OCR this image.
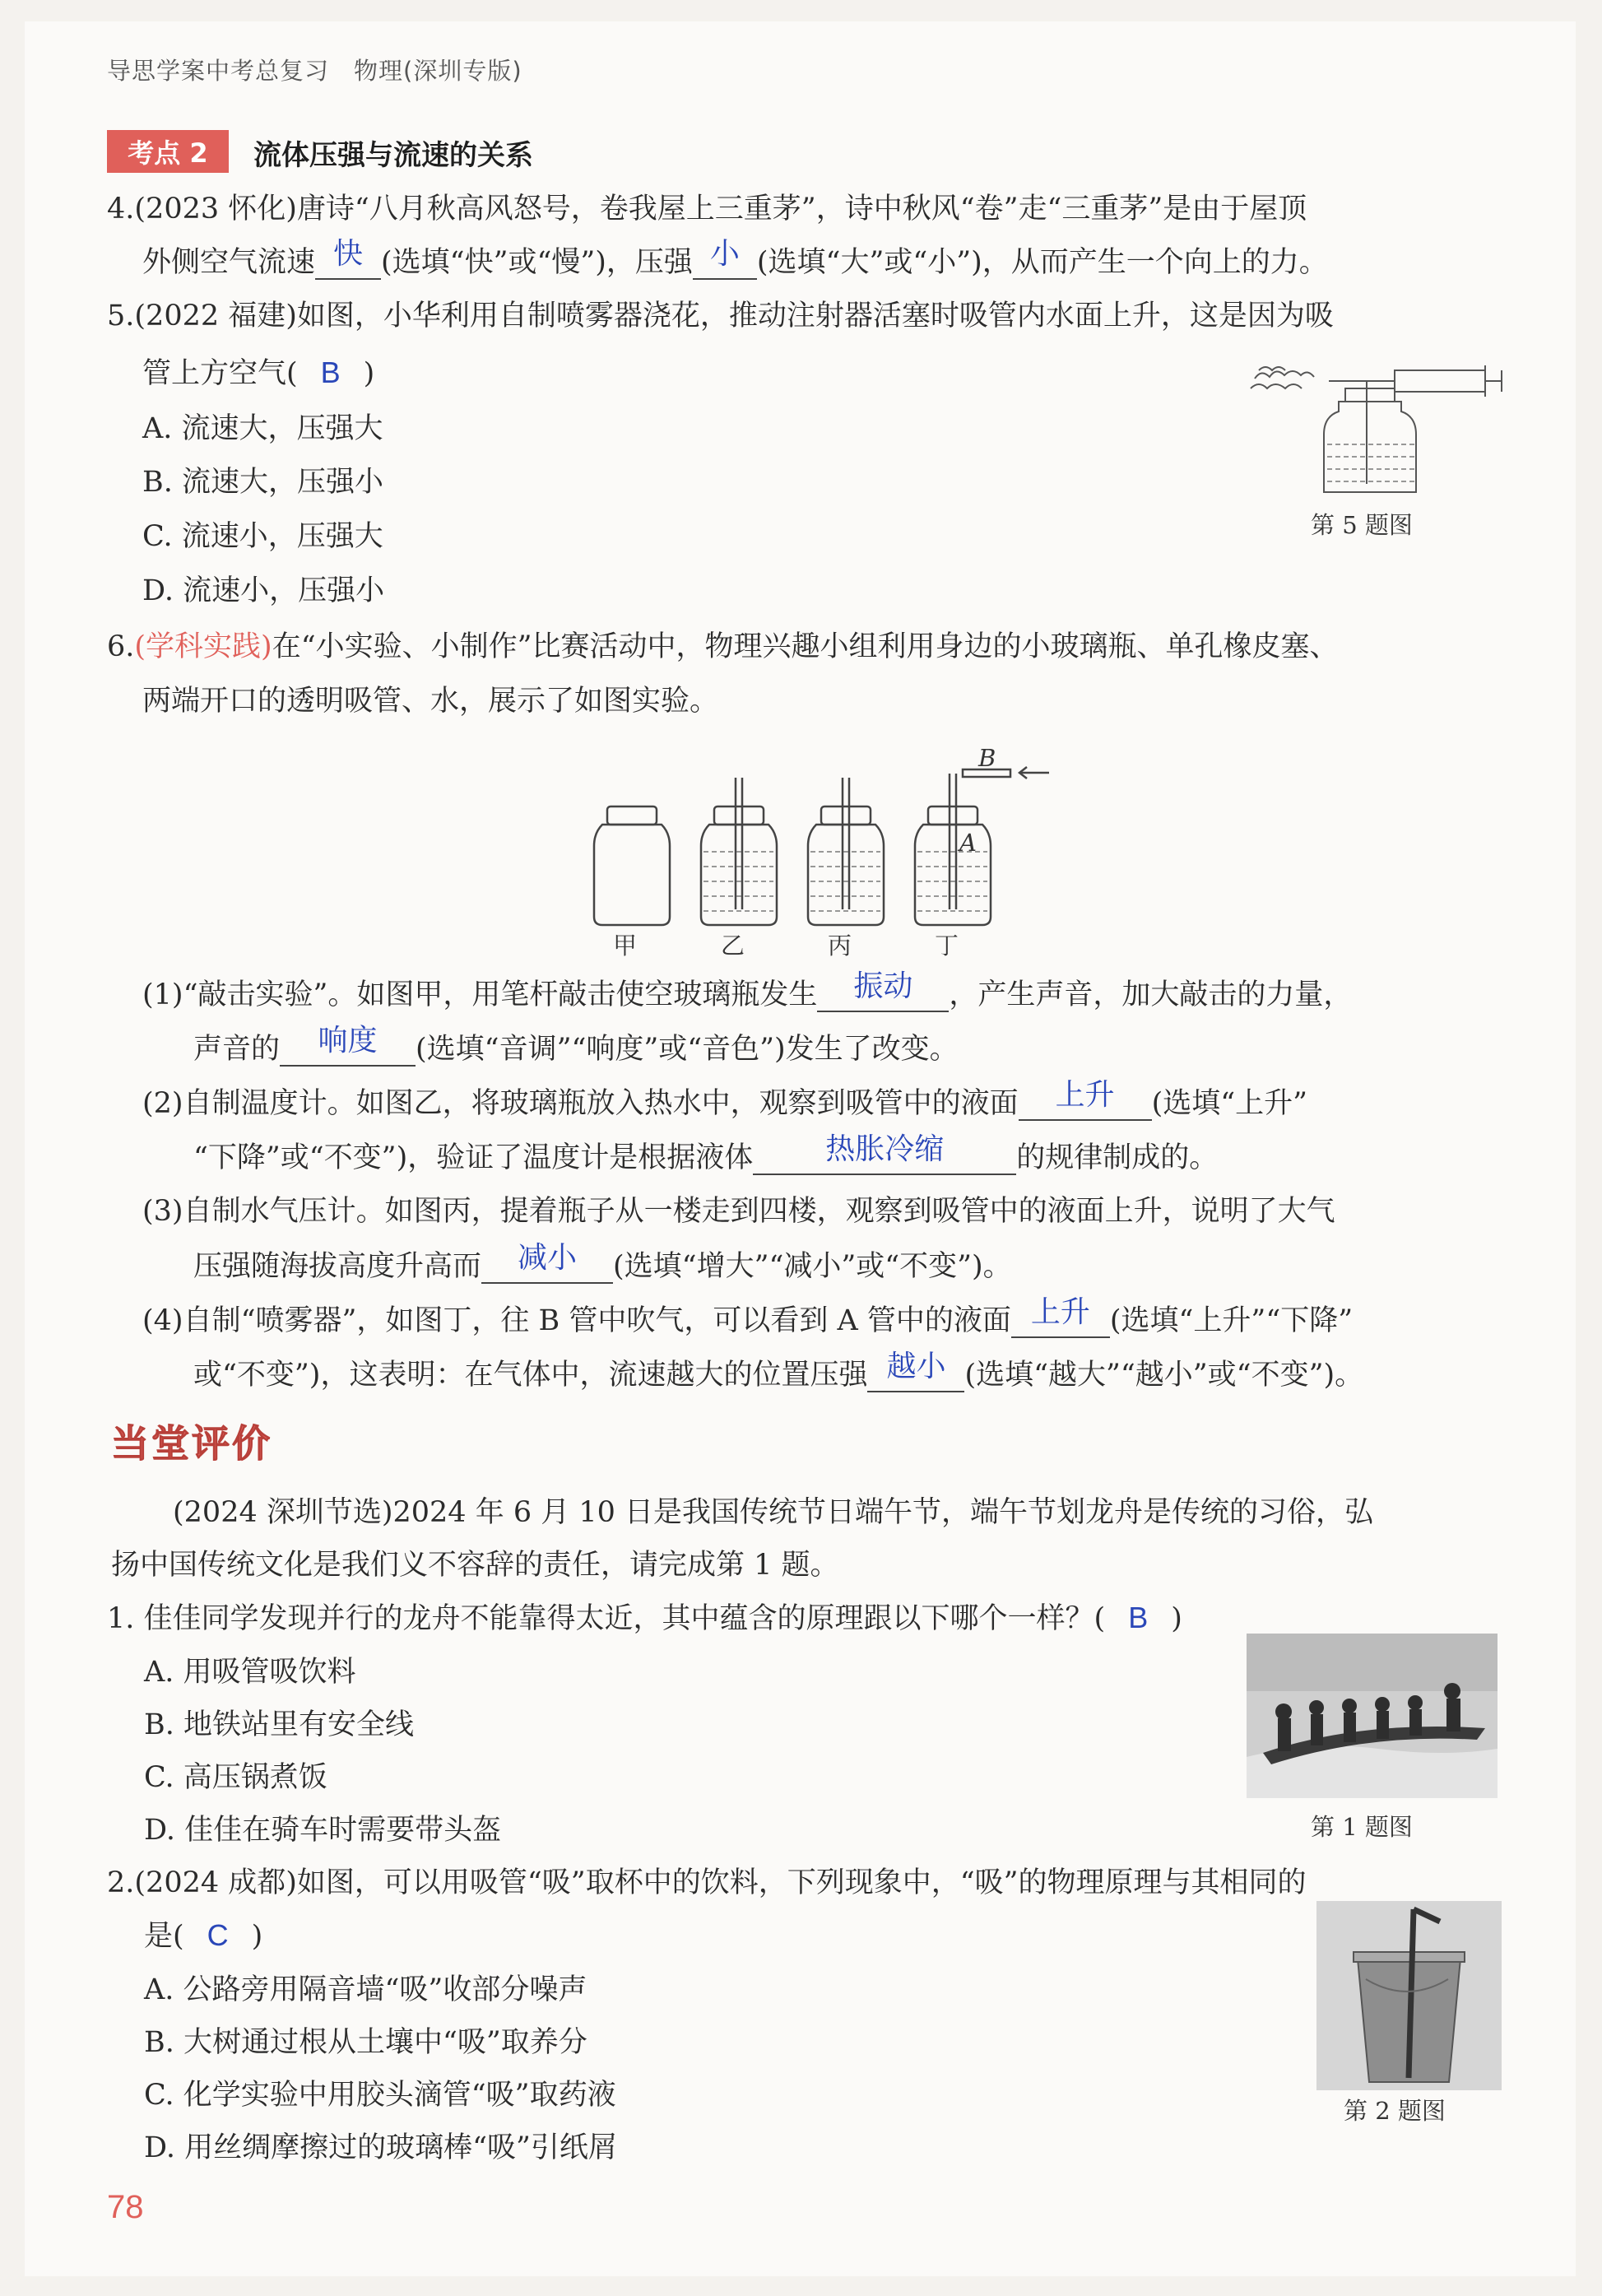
导思学案中考总复习　物理(深圳专版)
考点 2	流体压强与流速的关系
4.(2023 怀化)唐诗“八月秋高风怒号，卷我屋上三重茅”，诗中秋风“卷”走“三重茅”是由于屋顶
外侧空气流速 快 (选填“快”或“慢”)，压强 小 (选填“大”或“小”)，从而产生一个向上的力。
5.(2022 福建)如图，小华利用自制喷雾器浇花，推动注射器活塞时吸管内水面上升，这是因为吸
管上方空气( B )
A. 流速大，压强大
B. 流速大，压强小
C. 流速小，压强大
D. 流速小，压强小
第 5 题图
6.(学科实践)在“小实验、小制作”比赛活动中，物理兴趣小组利用身边的小玻璃瓶、单孔橡皮塞、
两端开口的透明吸管、水，展示了如图实验。
B
A
甲	乙	丙	丁
(1)“敲击实验”。如图甲，用笔杆敲击使空玻璃瓶发生 振动 ，产生声音，加大敲击的力量，
声音的 响度 (选填“音调”“响度”或“音色”)发生了改变。
(2)自制温度计。如图乙，将玻璃瓶放入热水中，观察到吸管中的液面 上升 (选填“上升”
“下降”或“不变”)，验证了温度计是根据液体 热胀冷缩	的规律制成的。
(3)自制水气压计。如图丙，提着瓶子从一楼走到四楼，观察到吸管中的液面上升，说明了大气
压强随海拔高度升高而 减小 (选填“增大”“减小”或“不变”)。
(4)自制“喷雾器”，如图丁，往 B 管中吹气，可以看到 A 管中的液面 上升 (选填“上升”“下降”
或“不变”)，这表明：在气体中，流速越大的位置压强 越小 (选填“越大”“越小”或“不变”)。
当堂评价
(2024 深圳节选)2024 年 6 月 10 日是我国传统节日端午节，端午节划龙舟是传统的习俗，弘
扬中国传统文化是我们义不容辞的责任，请完成第 1 题。
1. 佳佳同学发现并行的龙舟不能靠得太近，其中蕴含的原理跟以下哪个一样？( B )
A. 用吸管吸饮料
B. 地铁站里有安全线
C. 高压锅煮饭
D. 佳佳在骑车时需要带头盔	第 1 题图
2.(2024 成都)如图，可以用吸管“吸”取杯中的饮料，下列现象中，“吸”的物理原理与其相同的
是( C )
A. 公路旁用隔音墙“吸”收部分噪声
B. 大树通过根从土壤中“吸”取养分
C. 化学实验中用胶头滴管“吸”取药液
D. 用丝绸摩擦过的玻璃棒“吸”引纸屑
第 2 题图
78
